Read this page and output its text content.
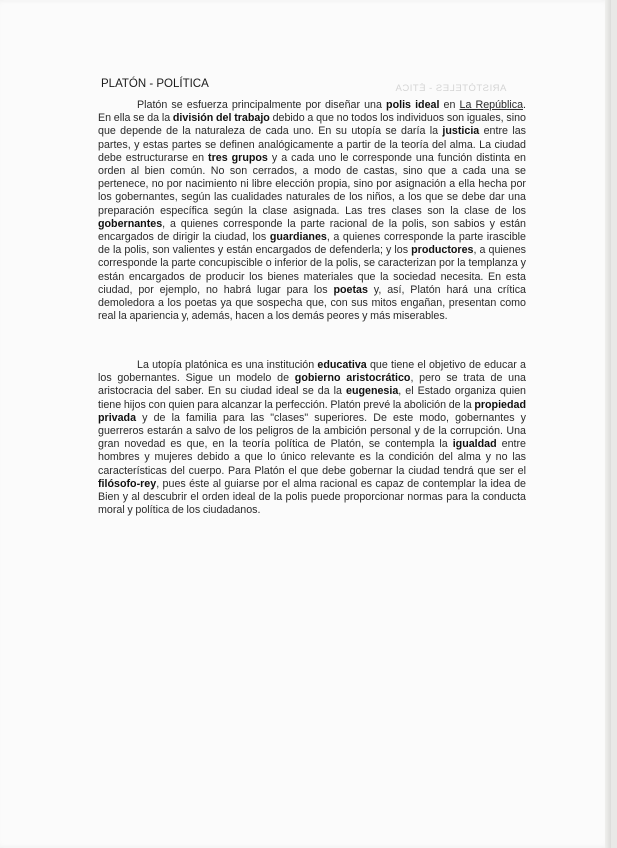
ARISTÓTELES - ÉTICA
PLATÓN - POLÍTICA

Platón se esfuerza principalmente por diseñar una polis ideal en La República. En ella se da la división del trabajo debido a que no todos los individuos son iguales, sino que depende de la naturaleza de cada uno. En su utopía se daría la justicia entre las partes, y estas partes se definen analógicamente a partir de la teoría del alma. La ciudad debe estructurarse en tres grupos y a cada uno le corresponde una función distinta en orden al bien común. No son cerrados, a modo de castas, sino que a cada una se pertenece, no por nacimiento ni libre elección propia, sino por asignación a ella hecha por los gobernantes, según las cualidades naturales de los niños, a los que se debe dar una preparación específica según la clase asignada. Las tres clases son la clase de los gobernantes, a quienes corresponde la parte racional de la polis, son sabios y están encargados de dirigir la ciudad, los guardianes, a quienes corresponde la parte irascible de la polis, son valientes y están encargados de defenderla; y los productores, a quienes corresponde la parte concupiscible o inferior de la polis, se caracterizan por la templanza y están encargados de producir los bienes materiales que la sociedad necesita. En esta ciudad, por ejemplo, no habrá lugar para los poetas y, así, Platón hará una crítica demoledora a los poetas ya que sospecha que, con sus mitos engañan, presentan como real la apariencia y, además, hacen a los demás peores y más miserables.

La utopía platónica es una institución educativa que tiene el objetivo de educar a los gobernantes. Sigue un modelo de gobierno aristocrático, pero se trata de una aristocracia del saber. En su ciudad ideal se da la eugenesia, el Estado organiza quien tiene hijos con quien para alcanzar la perfección. Platón prevé la abolición de la propiedad privada y de la familia para las "clases" superiores. De este modo, gobernantes y guerreros estarán a salvo de los peligros de la ambición personal y de la corrupción. Una gran novedad es que, en la teoría política de Platón, se contempla la igualdad entre hombres y mujeres debido a que lo único relevante es la condición del alma y no las características del cuerpo. Para Platón el que debe gobernar la ciudad tendrá que ser el filósofo-rey, pues éste al guiarse por el alma racional es capaz de contemplar la idea de Bien y al descubrir el orden ideal de la polis puede proporcionar normas para la conducta moral y política de los ciudadanos.
